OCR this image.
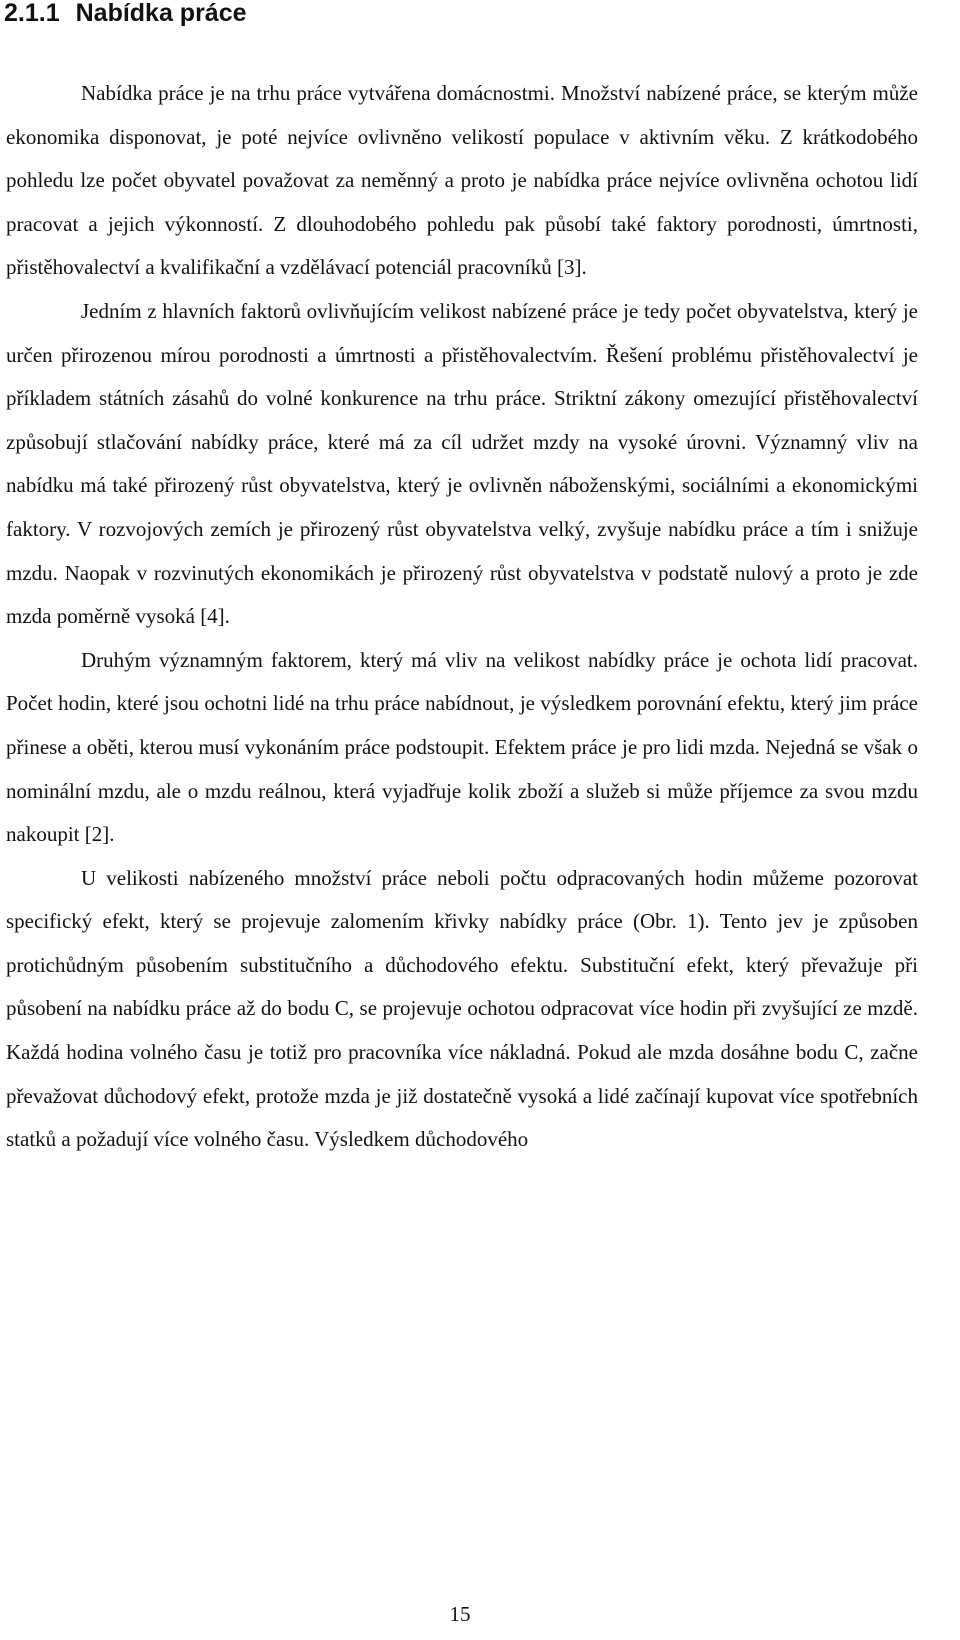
2.1.1 Nabídka práce

Nabídka práce je na trhu práce vytvářena domácnostmi. Množství nabízené práce, se kterým může ekonomika disponovat, je poté nejvíce ovlivněno velikostí populace v aktivním věku. Z krátkodobého pohledu lze počet obyvatel považovat za neměnný a proto je nabídka práce nejvíce ovlivněna ochotou lidí pracovat a jejich výkonností. Z dlouhodobého pohledu pak působí také faktory porodnosti, úmrtnosti, přistěhovalectví a kvalifikační a vzdělávací potenciál pracovníků [3].

Jedním z hlavních faktorů ovlivňujícím velikost nabízené práce je tedy počet obyvatelstva, který je určen přirozenou mírou porodnosti a úmrtnosti a přistěhovalectvím. Řešení problému přistěhovalectví je příkladem státních zásahů do volné konkurence na trhu práce. Striktní zákony omezující přistěhovalectví způsobují stlačování nabídky práce, které má za cíl udržet mzdy na vysoké úrovni. Významný vliv na nabídku má také přirozený růst obyvatelstva, který je ovlivněn náboženskými, sociálními a ekonomickými faktory. V rozvojových zemích je přirozený růst obyvatelstva velký, zvyšuje nabídku práce a tím i snižuje mzdu. Naopak v rozvinutých ekonomikách je přirozený růst obyvatelstva v podstatě nulový a proto je zde mzda poměrně vysoká [4].

Druhým významným faktorem, který má vliv na velikost nabídky práce je ochota lidí pracovat. Počet hodin, které jsou ochotni lidé na trhu práce nabídnout, je výsledkem porovnání efektu, který jim práce přinese a oběti, kterou musí vykonáním práce podstoupit. Efektem práce je pro lidi mzda. Nejedná se však o nominální mzdu, ale o mzdu reálnou, která vyjadřuje kolik zboží a služeb si může příjemce za svou mzdu nakoupit [2].

U velikosti nabízeného množství práce neboli počtu odpracovaných hodin můžeme pozorovat specifický efekt, který se projevuje zalomením křivky nabídky práce (Obr. 1). Tento jev je způsoben protichůdným působením substitučního a důchodového efektu. Substituční efekt, který převažuje při působení na nabídku práce až do bodu C, se projevuje ochotou odpracovat více hodin při zvyšující ze mzdě. Každá hodina volného času je totiž pro pracovníka více nákladná. Pokud ale mzda dosáhne bodu C, začne převažovat důchodový efekt, protože mzda je již dostatečně vysoká a lidé začínají kupovat více spotřebních statků a požadují více volného času. Výsledkem důchodového

15
